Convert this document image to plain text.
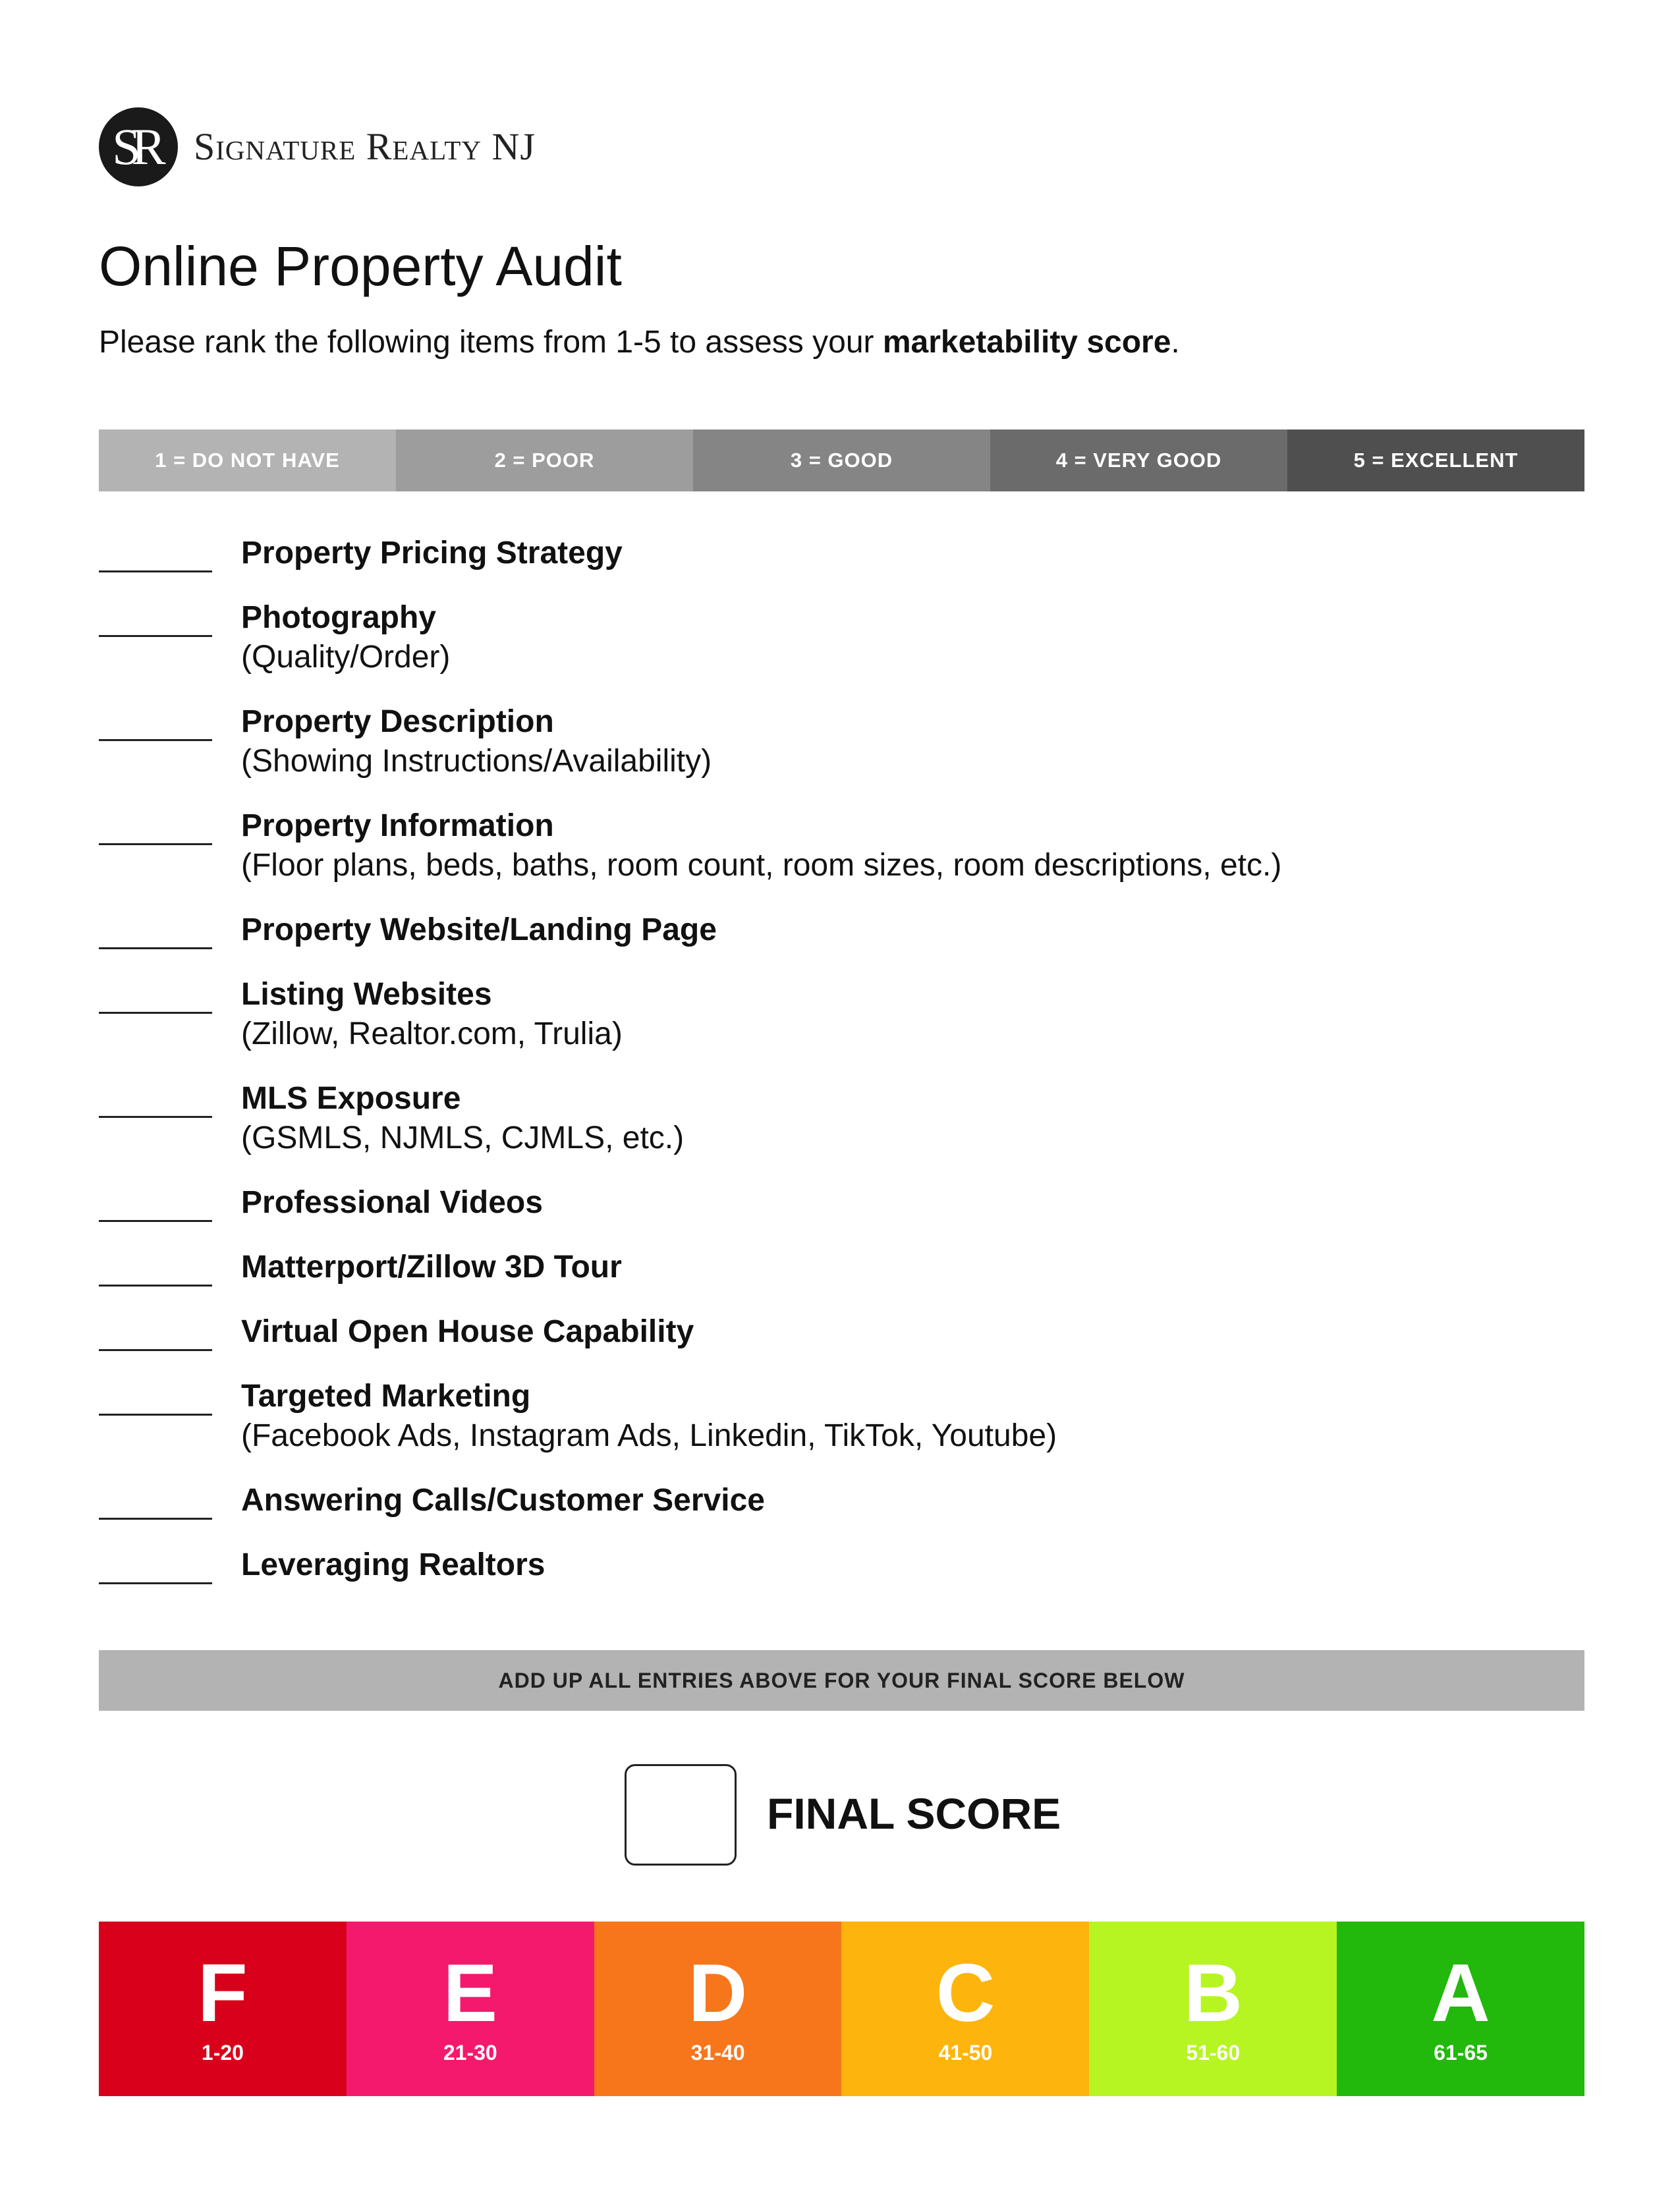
SR Signature Realty NJ
Online Property Audit
Please rank the following items from 1-5 to assess your marketability score.
1 = DO NOT HAVE	2 = POOR	3 = GOOD	4 = VERY GOOD	5 = EXCELLENT
Property Pricing Strategy
Photography
(Quality/Order)
Property Description
(Showing Instructions/Availability)
Property Information
(Floor plans, beds, baths, room count, room sizes, room descriptions, etc.)
Property Website/Landing Page
Listing Websites
(Zillow, Realtor.com, Trulia)
MLS Exposure
(GSMLS, NJMLS, CJMLS, etc.)
Professional Videos
Matterport/Zillow 3D Tour
Virtual Open House Capability
Targeted Marketing
(Facebook Ads, Instagram Ads, Linkedin, TikTok, Youtube)
Answering Calls/Customer Service
Leveraging Realtors
ADD UP ALL ENTRIES ABOVE FOR YOUR FINAL SCORE BELOW
FINAL SCORE
F
1-20
E
21-30
D
31-40
C
41-50
B
51-60
A
61-65
